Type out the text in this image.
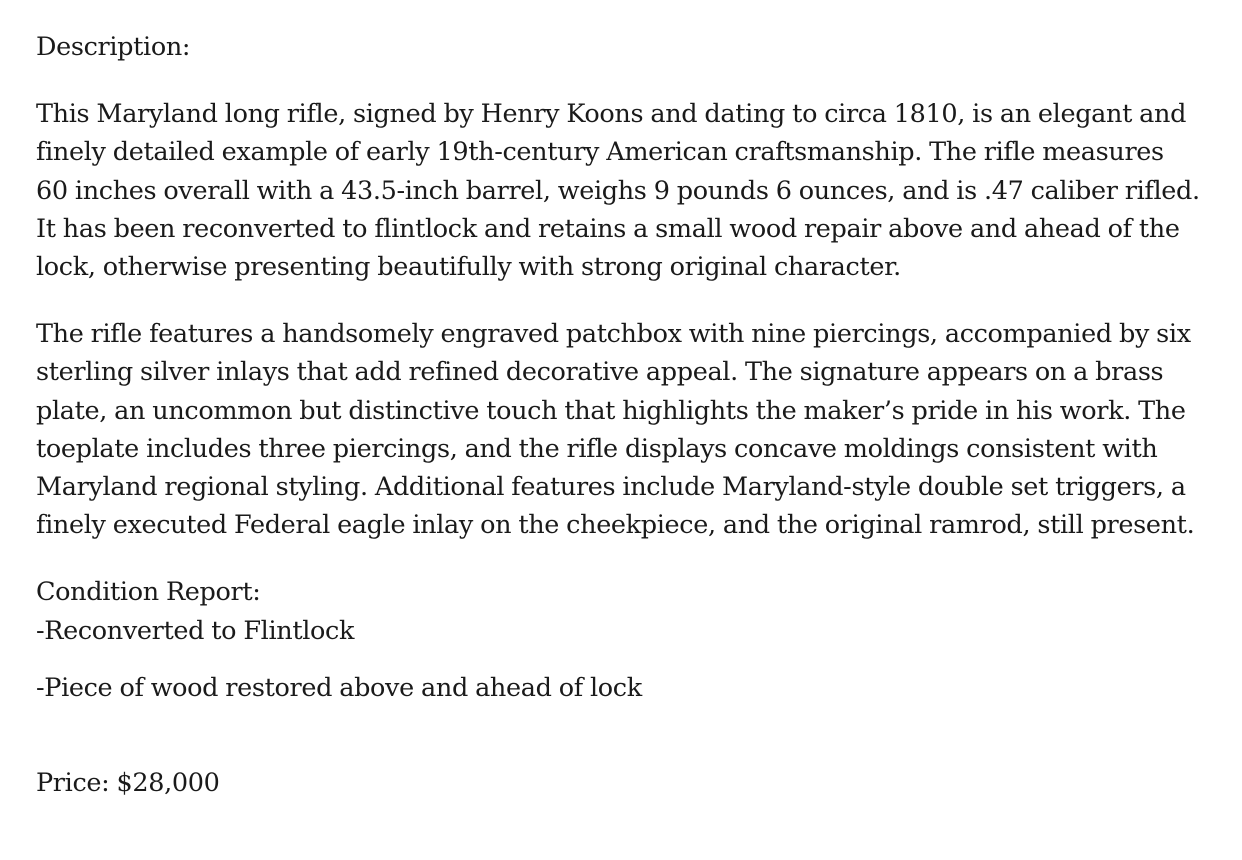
Description:

This Maryland long rifle, signed by Henry Koons and dating to circa 1810, is an elegant and finely detailed example of early 19th-century American craftsmanship. The rifle measures 60 inches overall with a 43.5-inch barrel, weighs 9 pounds 6 ounces, and is .47 caliber rifled. It has been reconverted to flintlock and retains a small wood repair above and ahead of the lock, otherwise presenting beautifully with strong original character.

The rifle features a handsomely engraved patchbox with nine piercings, accompanied by six sterling silver inlays that add refined decorative appeal. The signature appears on a brass plate, an uncommon but distinctive touch that highlights the maker’s pride in his work. The toeplate includes three piercings, and the rifle displays concave moldings consistent with Maryland regional styling. Additional features include Maryland-style double set triggers, a finely executed Federal eagle inlay on the cheekpiece, and the original ramrod, still present.

Condition Report:

-Reconverted to Flintlock

-Piece of wood restored above and ahead of lock

Price: $28,000
